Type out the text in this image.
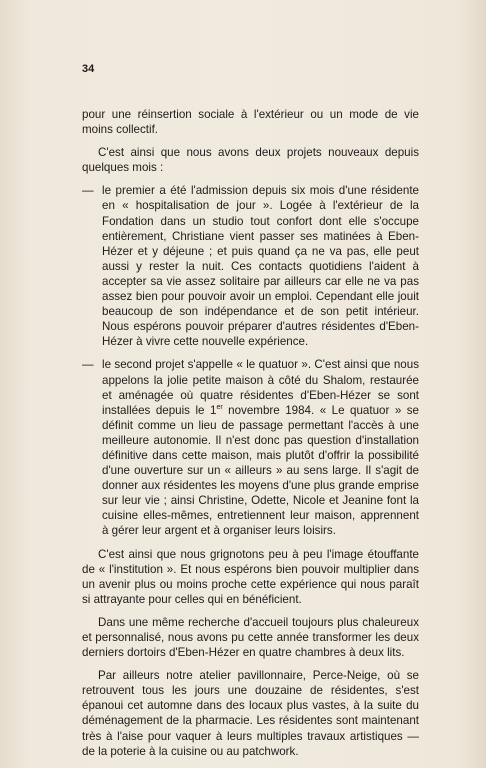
34

pour une réinsertion sociale à l'extérieur ou un mode de vie moins collectif.

C'est ainsi que nous avons deux projets nouveaux depuis quelques mois :

— le premier a été l'admission depuis six mois d'une résidente en « hospitalisation de jour ». Logée à l'extérieur de la Fondation dans un studio tout confort dont elle s'occupe entièrement, Christiane vient passer ses matinées à Eben-Hézer et y déjeune ; et puis quand ça ne va pas, elle peut aussi y rester la nuit. Ces contacts quotidiens l'aident à accepter sa vie assez solitaire par ailleurs car elle ne va pas assez bien pour pouvoir avoir un emploi. Cependant elle jouit beaucoup de son indépendance et de son petit intérieur. Nous espérons pouvoir préparer d'autres résidentes d'Eben-Hézer à vivre cette nouvelle expérience.
— le second projet s'appelle « le quatuor ». C'est ainsi que nous appelons la jolie petite maison à côté du Shalom, restaurée et aménagée où quatre résidentes d'Eben-Hézer se sont installées depuis le 1er novembre 1984. « Le quatuor » se définit comme un lieu de passage permettant l'accès à une meilleure autonomie. Il n'est donc pas question d'installation définitive dans cette maison, mais plutôt d'offrir la possibilité d'une ouverture sur un « ailleurs » au sens large. Il s'agit de donner aux résidentes les moyens d'une plus grande emprise sur leur vie ; ainsi Christine, Odette, Nicole et Jeanine font la cuisine elles-mêmes, entretiennent leur maison, apprennent à gérer leur argent et à organiser leurs loisirs.

C'est ainsi que nous grignotons peu à peu l'image étouffante de « l'institution ». Et nous espérons bien pouvoir multiplier dans un avenir plus ou moins proche cette expérience qui nous paraît si attrayante pour celles qui en bénéficient.

Dans une même recherche d'accueil toujours plus chaleureux et personnalisé, nous avons pu cette année transformer les deux derniers dortoirs d'Eben-Hézer en quatre chambres à deux lits.

Par ailleurs notre atelier pavillonnaire, Perce-Neige, où se retrouvent tous les jours une douzaine de résidentes, s'est épanoui cet automne dans des locaux plus vastes, à la suite du déménagement de la pharmacie. Les résidentes sont maintenant très à l'aise pour vaquer à leurs multiples travaux artistiques — de la poterie à la cuisine ou au patchwork.
